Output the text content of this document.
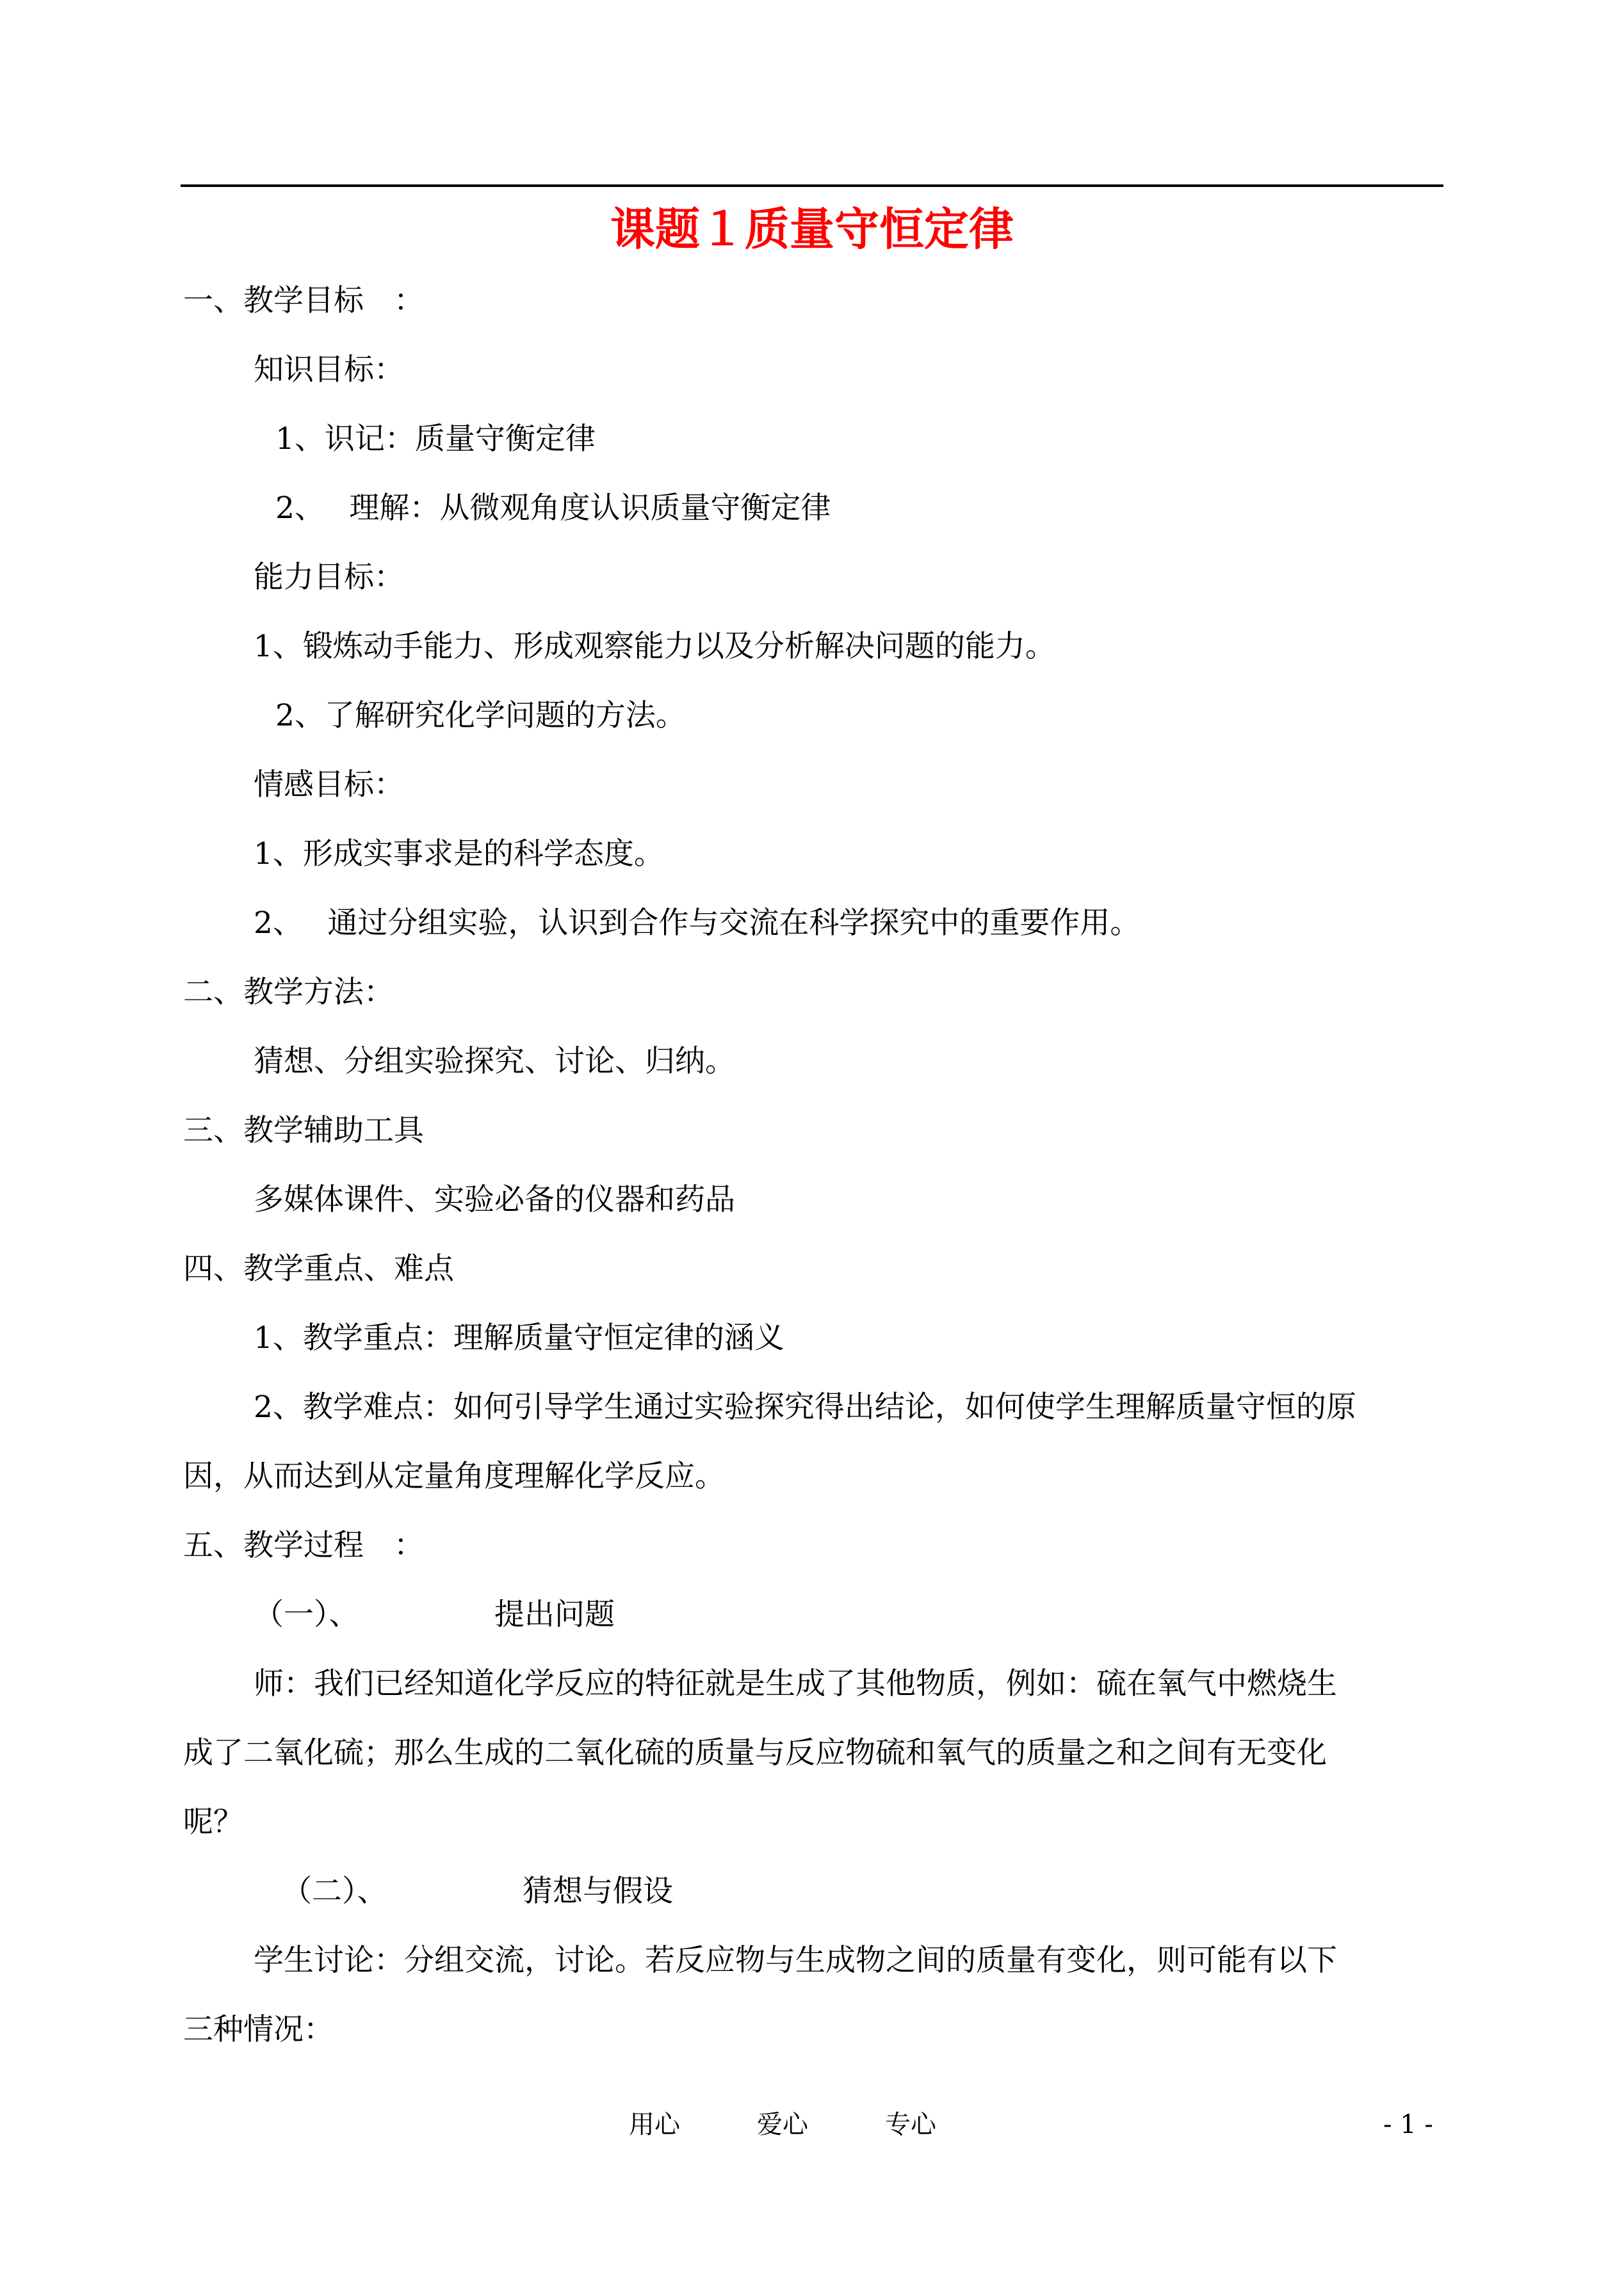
课题１质量守恒定律
一、教学目标　：
知识目标：
1、识记：质量守衡定律
2、　 理解：从微观角度认识质量守衡定律
能力目标：
1、锻炼动手能力、形成观察能力以及分析解决问题的能力。
2、了解研究化学问题的方法。
情感目标：
1、形成实事求是的科学态度。
2、　 通过分组实验，认识到合作与交流在科学探究中的重要作用。
二、教学方法：
猜想、分组实验探究、讨论、归纳。
三、教学辅助工具
多媒体课件、实验必备的仪器和药品
四、教学重点、难点
1、教学重点：理解质量守恒定律的涵义
2、教学难点：如何引导学生通过实验探究得出结论，如何使学生理解质量守恒的原
因，从而达到从定量角度理解化学反应。
五、教学过程　：
（一）、　　　　　提出问题
师：我们已经知道化学反应的特征就是生成了其他物质，例如：硫在氧气中燃烧生
成了二氧化硫；那么生成的二氧化硫的质量与反应物硫和氧气的质量之和之间有无变化
呢？
（二）、　　　　　猜想与假设
学生讨论：分组交流，讨论。若反应物与生成物之间的质量有变化，则可能有以下
三种情况：
用心	爱心	专心	- 1 -
